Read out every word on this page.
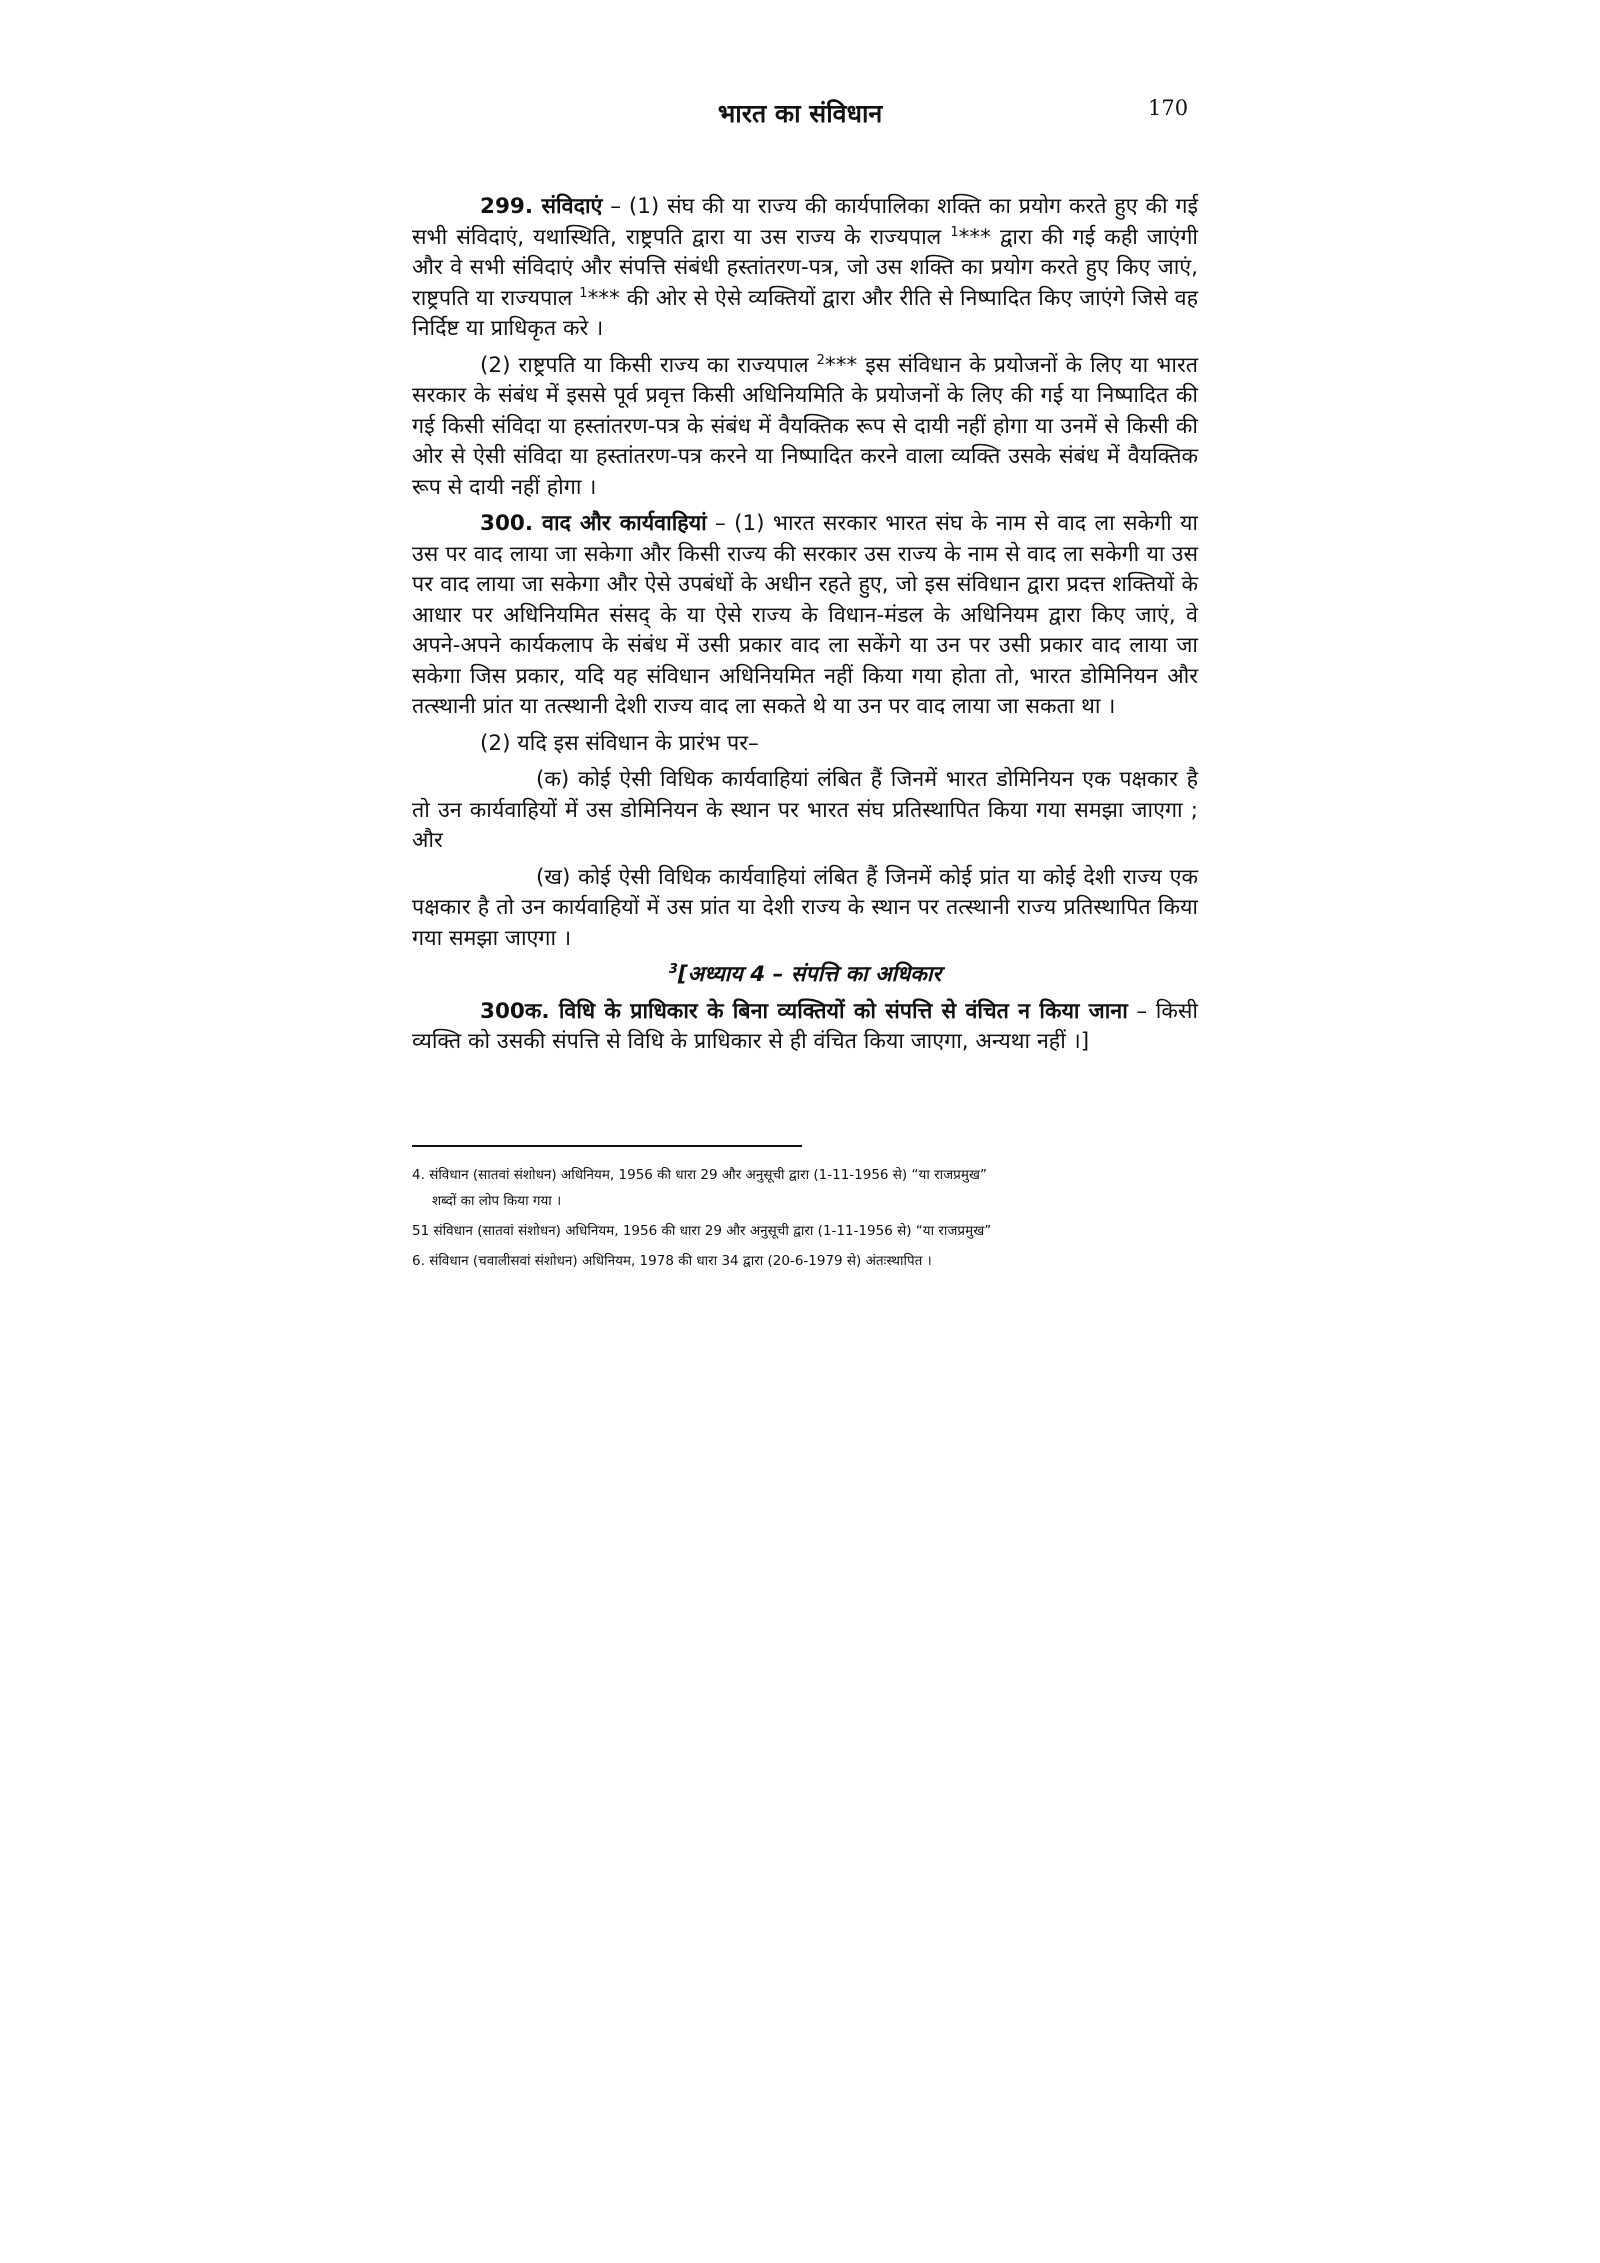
भारत का संविधान	170

299. संविदाएं – (1) संघ की या राज्य की कार्यपालिका शक्ति का प्रयोग करते हुए की गई सभी संविदाएं, यथास्थिति, राष्ट्रपति द्वारा या उस राज्य के राज्यपाल $^1$*** द्वारा की गई कही जाएंगी और वे सभी संविदाएं और संपत्ति संबंधी हस्तांतरण-पत्र, जो उस शक्ति का प्रयोग करते हुए किए जाएं, राष्ट्रपति या राज्यपाल $^1$*** की ओर से ऐसे व्यक्तियों द्वारा और रीति से निष्पादित किए जाएंगे जिसे वह निर्दिष्ट या प्राधिकृत करे ।

(2) राष्ट्रपति या किसी राज्य का राज्यपाल $^2$*** इस संविधान के प्रयोजनों के लिए या भारत सरकार के संबंध में इससे पूर्व प्रवृत्त किसी अधिनियमिति के प्रयोजनों के लिए की गई या निष्पादित की गई किसी संविदा या हस्तांतरण-पत्र के संबंध में वैयक्तिक रूप से दायी नहीं होगा या उनमें से किसी की ओर से ऐसी संविदा या हस्तांतरण-पत्र करने या निष्पादित करने वाला व्यक्ति उसके संबंध में वैयक्तिक रूप से दायी नहीं होगा ।

300. वाद और कार्यवाहियां – (1) भारत सरकार भारत संघ के नाम से वाद ला सकेगी या उस पर वाद लाया जा सकेगा और किसी राज्य की सरकार उस राज्य के नाम से वाद ला सकेगी या उस पर वाद लाया जा सकेगा और ऐसे उपबंधों के अधीन रहते हुए, जो इस संविधान द्वारा प्रदत्त शक्तियों के आधार पर अधिनियमित संसद् के या ऐसे राज्य के विधान-मंडल के अधिनियम द्वारा किए जाएं, वे अपने-अपने कार्यकलाप के संबंध में उसी प्रकार वाद ला सकेंगे या उन पर उसी प्रकार वाद लाया जा सकेगा जिस प्रकार, यदि यह संविधान अधिनियमित नहीं किया गया होता तो, भारत डोमिनियन और तत्स्थानी प्रांत या तत्स्थानी देशी राज्य वाद ला सकते थे या उन पर वाद लाया जा सकता था ।

(2) यदि इस संविधान के प्रारंभ पर–

(क) कोई ऐसी विधिक कार्यवाहियां लंबित हैं जिनमें भारत डोमिनियन एक पक्षकार है तो उन कार्यवाहियों में उस डोमिनियन के स्थान पर भारत संघ प्रतिस्थापित किया गया समझा जाएगा ; और

(ख) कोई ऐसी विधिक कार्यवाहियां लंबित हैं जिनमें कोई प्रांत या कोई देशी राज्य एक पक्षकार है तो उन कार्यवाहियों में उस प्रांत या देशी राज्य के स्थान पर तत्स्थानी राज्य प्रतिस्थापित किया गया समझा जाएगा ।

$^3$[अध्याय 4 – संपत्ति का अधिकार

300क. विधि के प्राधिकार के बिना व्यक्तियों को संपत्ति से वंचित न किया जाना – किसी व्यक्ति को उसकी संपत्ति से विधि के प्राधिकार से ही वंचित किया जाएगा, अन्यथा नहीं ।]

4. संविधान (सातवां संशोधन) अधिनियम, 1956 की धारा 29 और अनुसूची द्वारा (1-11-1956 से) “या राजप्रमुख”
शब्दों का लोप किया गया ।
51 संविधान (सातवां संशोधन) अधिनियम, 1956 की धारा 29 और अनुसूची द्वारा (1-11-1956 से) “या राजप्रमुख”
6. संविधान (चवालीसवां संशोधन) अधिनियम, 1978 की धारा 34 द्वारा (20-6-1979 से) अंतःस्थापित ।
